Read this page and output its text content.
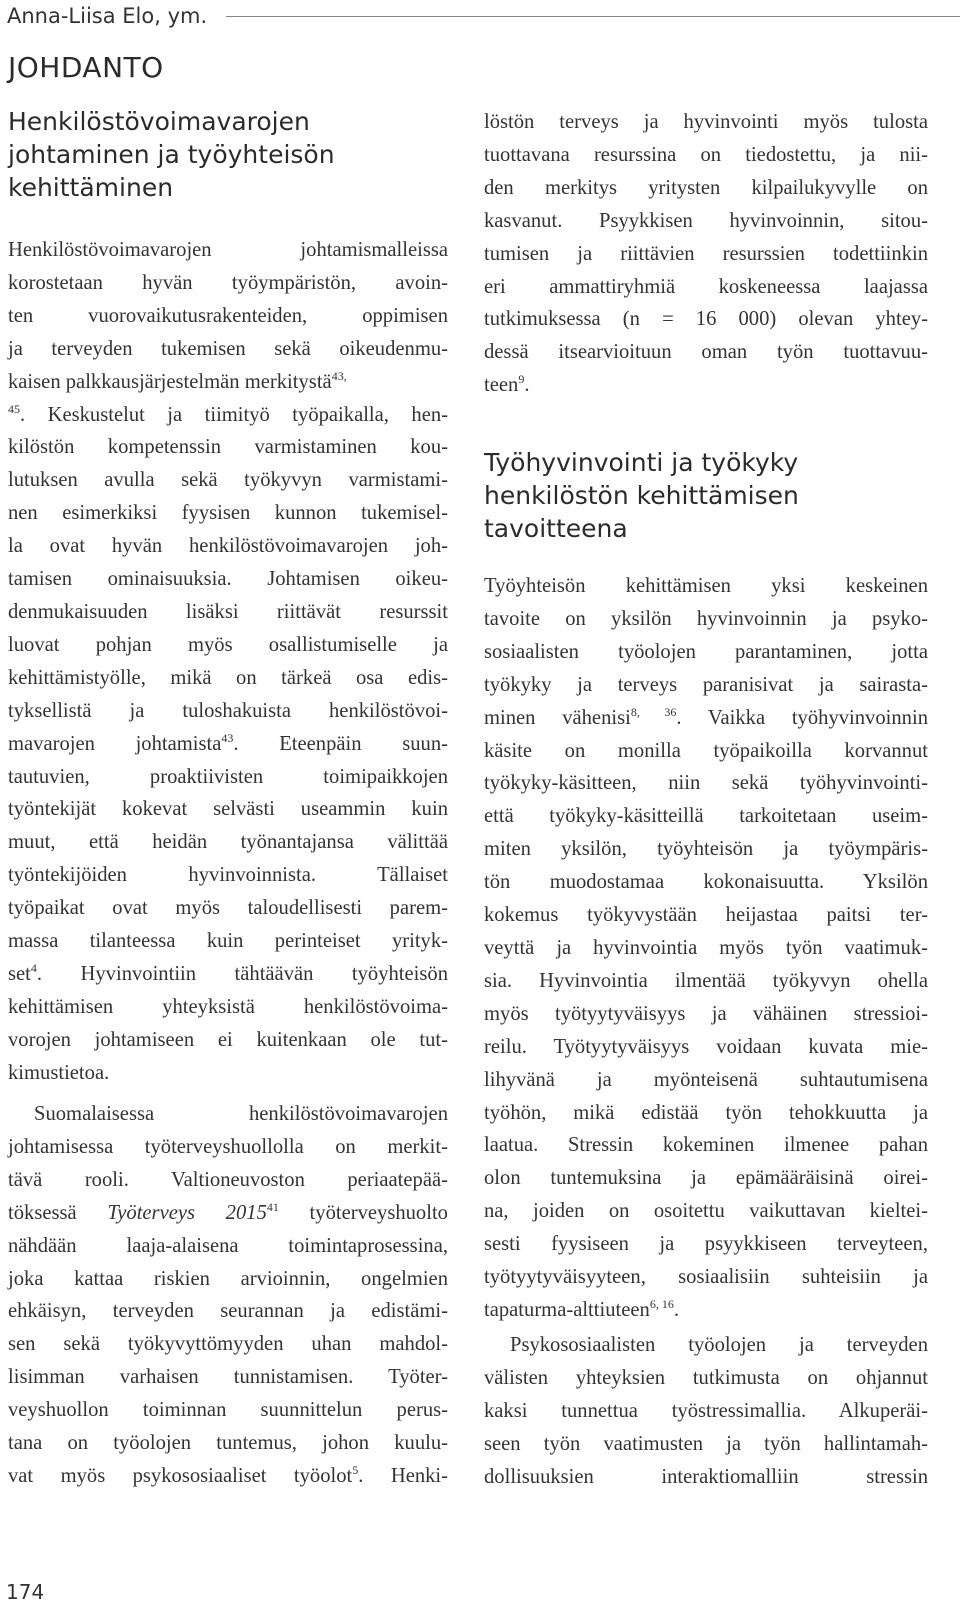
Anna-Liisa Elo, ym.
JOHDANTO
Henkilöstövoimavarojen
johtaminen ja työyhteisön
kehittäminen

Henkilöstövoimavarojen johtamismalleissa
korostetaan hyvän työympäristön, avoin-
ten vuorovaikutusrakenteiden, oppimisen
ja terveyden tukemisen sekä oikeudenmu-
kaisen palkkausjärjestelmän merkitystä$^{43,}$
$^{45}$. Keskustelut ja tiimityö työpaikalla, hen-
kilöstön kompetenssin varmistaminen kou-
lutuksen avulla sekä työkyvyn varmistami-
nen esimerkiksi fyysisen kunnon tukemisel-
la ovat hyvän henkilöstövoimavarojen joh-
tamisen ominaisuuksia. Johtamisen oikeu-
denmukaisuuden lisäksi riittävät resurssit
luovat pohjan myös osallistumiselle ja
kehittämistyölle, mikä on tärkeä osa edis-
tyksellistä ja tuloshakuista henkilöstövoi-
mavarojen johtamista$^{43}$. Eteenpäin suun-
tautuvien, proaktiivisten toimipaikkojen
työntekijät kokevat selvästi useammin kuin
muut, että heidän työnantajansa välittää
työntekijöiden hyvinvoinnista. Tällaiset
työpaikat ovat myös taloudellisesti parem-
massa tilanteessa kuin perinteiset yrityk-
set$^4$. Hyvinvointiin tähtäävän työyhteisön
kehittämisen yhteyksistä henkilöstövoima-
vorojen johtamiseen ei kuitenkaan ole tut-
kimustietoa.

Suomalaisessa henkilöstövoimavarojen
johtamisessa työterveyshuollolla on merkit-
tävä rooli. Valtioneuvoston periaatepää-
töksessä Työterveys 2015$^{41}$ työterveyshuolto
nähdään laaja-alaisena toimintaprosessina,
joka kattaa riskien arvioinnin, ongelmien
ehkäisyn, terveyden seurannan ja edistämi-
sen sekä työkyvyttömyyden uhan mahdol-
lisimman varhaisen tunnistamisen. Työter-
veyshuollon toiminnan suunnittelun perus-
tana on työolojen tuntemus, johon kuulu-
vat myös psykososiaaliset työolot$^5$. Henki-

löstön terveys ja hyvinvointi myös tulosta
tuottavana resurssina on tiedostettu, ja nii-
den merkitys yritysten kilpailukyvylle on
kasvanut. Psyykkisen hyvinvoinnin, sitou-
tumisen ja riittävien resurssien todettiinkin
eri ammattiryhmiä koskeneessa laajassa
tutkimuksessa (n = 16 000) olevan yhtey-
dessä itsearvioituun oman työn tuottavuu-
teen$^9$.

Työhyvinvointi ja työkyky
henkilöstön kehittämisen
tavoitteena

Työyhteisön kehittämisen yksi keskeinen
tavoite on yksilön hyvinvoinnin ja psyko-
sosiaalisten työolojen parantaminen, jotta
työkyky ja terveys paranisivat ja sairasta-
minen vähenisi$^{8, 36}$. Vaikka työhyvinvoinnin
käsite on monilla työpaikoilla korvannut
työkyky-käsitteen, niin sekä työhyvinvointi-
että työkyky-käsitteillä tarkoitetaan useim-
miten yksilön, työyhteisön ja työympäris-
tön muodostamaa kokonaisuutta. Yksilön
kokemus työkyvystään heijastaa paitsi ter-
veyttä ja hyvinvointia myös työn vaatimuk-
sia. Hyvinvointia ilmentää työkyvyn ohella
myös työtyytyväisyys ja vähäinen stressioi-
reilu. Työtyytyväisyys voidaan kuvata mie-
lihyvänä ja myönteisenä suhtautumisena
työhön, mikä edistää työn tehokkuutta ja
laatua. Stressin kokeminen ilmenee pahan
olon tuntemuksina ja epämääräisinä oirei-
na, joiden on osoitettu vaikuttavan kieltei-
sesti fyysiseen ja psyykkiseen terveyteen,
työtyytyväisyyteen, sosiaalisiin suhteisiin ja
tapaturma-alttiuteen$^{6, 16}$.

Psykososiaalisten työolojen ja terveyden
välisten yhteyksien tutkimusta on ohjannut
kaksi tunnettua työstressimallia. Alkuperäi-
seen työn vaatimusten ja työn hallintamah-
dollisuuksien interaktiomalliin stressin

174
